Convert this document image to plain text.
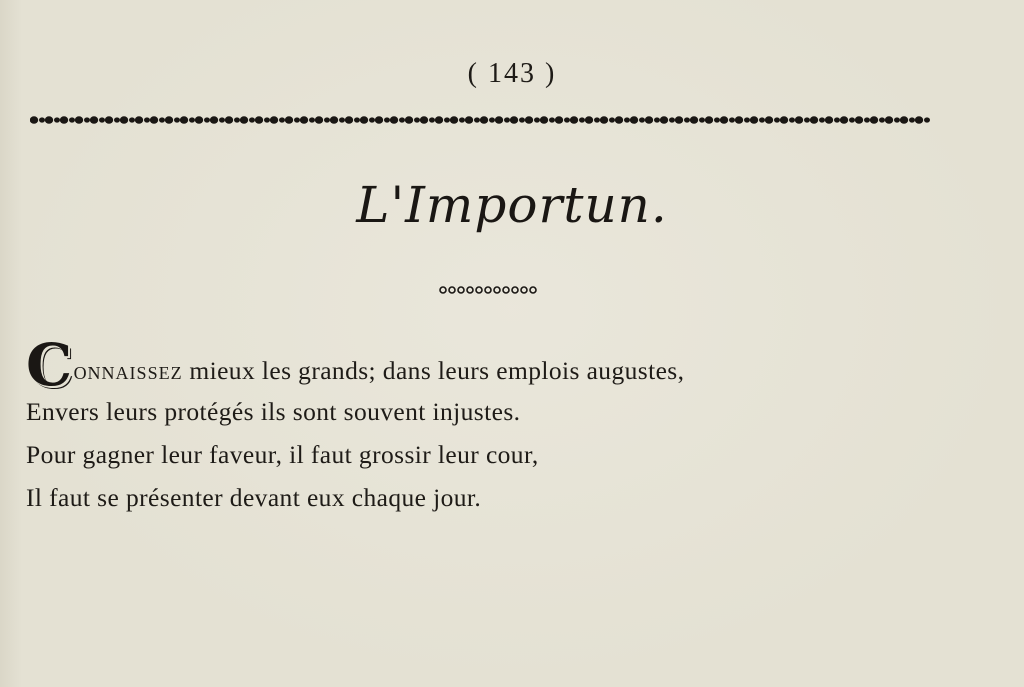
( 143 )
L'Importun.
Connaissez mieux les grands; dans leurs emplois augustes,
Envers leurs protégés ils sont souvent injustes.
Pour gagner leur faveur, il faut grossir leur cour,
Il faut se présenter devant eux chaque jour.
